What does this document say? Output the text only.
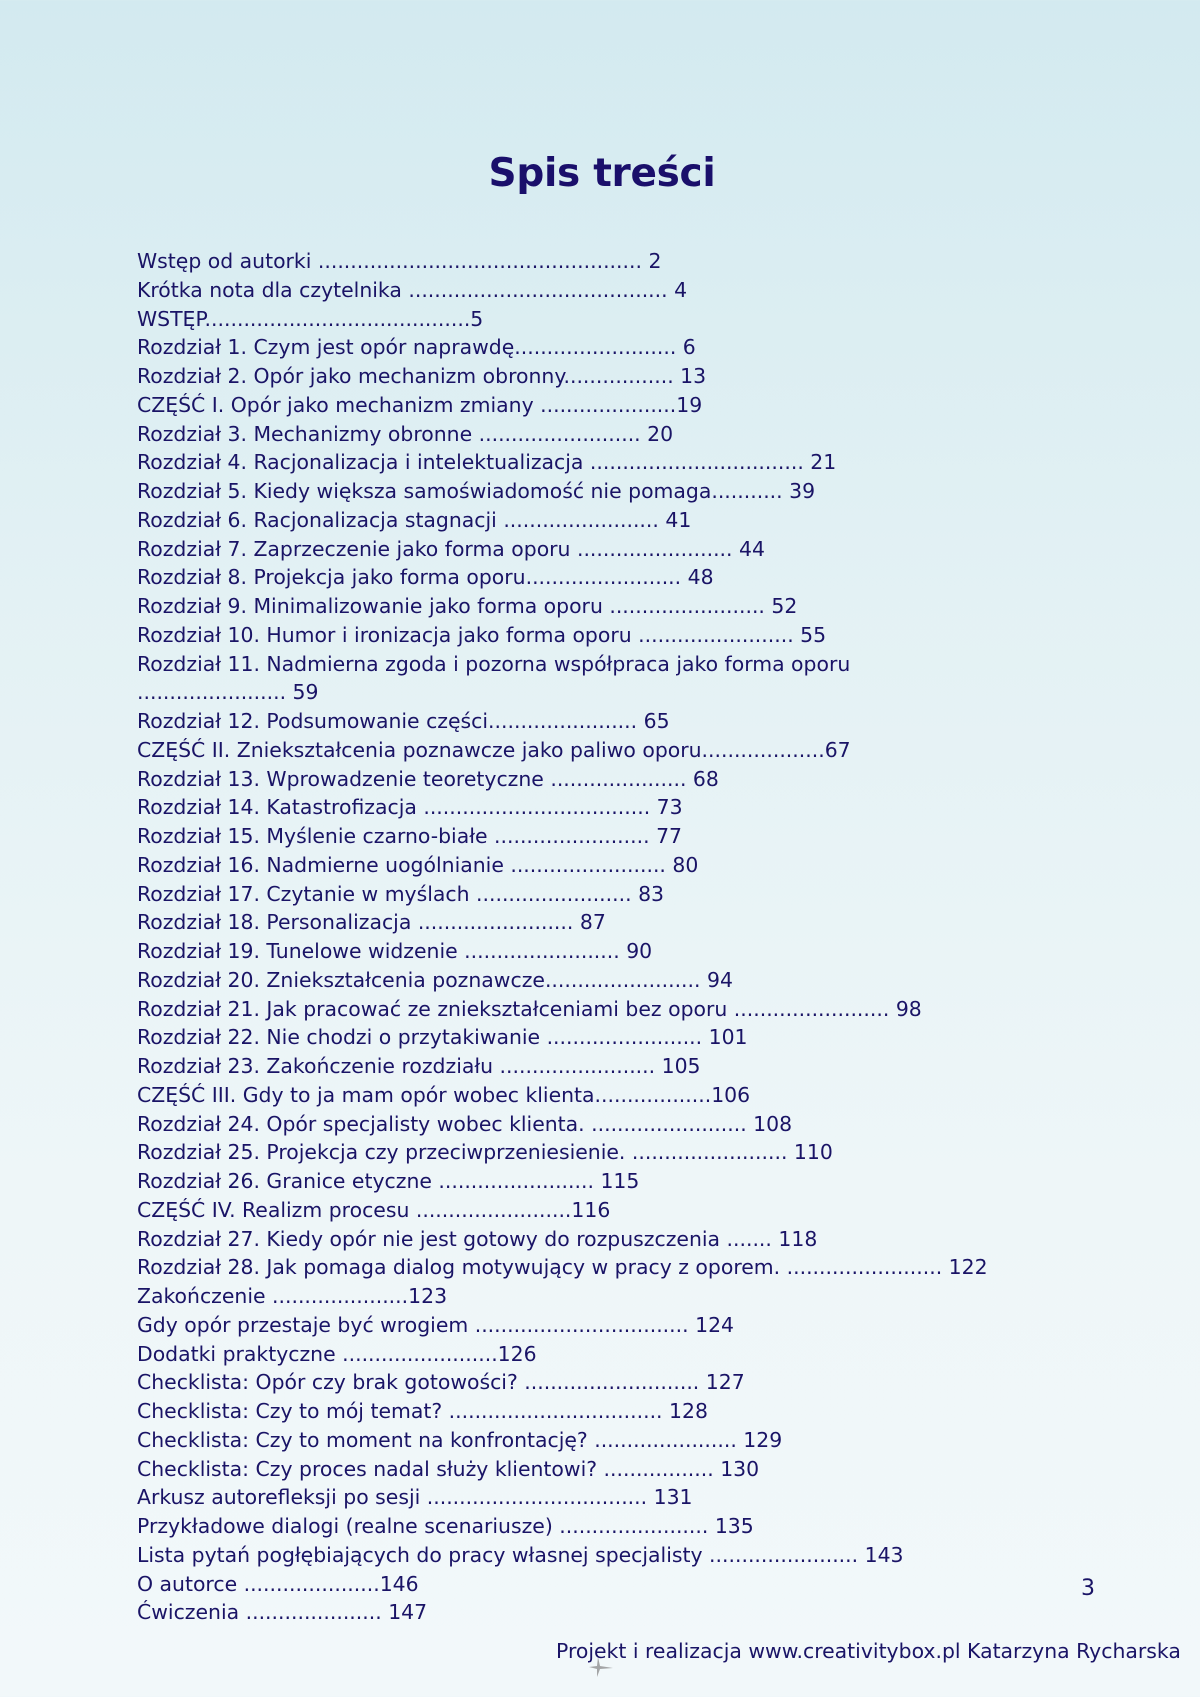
Spis treści
Wstęp od autorki .................................................. 2
Krótka nota dla czytelnika ........................................ 4
WSTĘP.........................................5
Rozdział 1. Czym jest opór naprawdę......................... 6
Rozdział 2. Opór jako mechanizm obronny................. 13
CZĘŚĆ I. Opór jako mechanizm zmiany .....................19
Rozdział 3. Mechanizmy obronne ......................... 20
Rozdział 4. Racjonalizacja i intelektualizacja ................................. 21
Rozdział 5. Kiedy większa samoświadomość nie pomaga........... 39
Rozdział 6. Racjonalizacja stagnacji ........................ 41
Rozdział 7. Zaprzeczenie jako forma oporu ........................ 44
Rozdział 8. Projekcja jako forma oporu........................ 48
Rozdział 9. Minimalizowanie jako forma oporu ........................ 52
Rozdział 10. Humor i ironizacja jako forma oporu ........................ 55
Rozdział 11. Nadmierna zgoda i pozorna współpraca jako forma oporu
....................... 59
Rozdział 12. Podsumowanie części....................... 65
CZĘŚĆ II. Zniekształcenia poznawcze jako paliwo oporu...................67
Rozdział 13. Wprowadzenie teoretyczne ..................... 68
Rozdział 14. Katastrofizacja ................................... 73
Rozdział 15. Myślenie czarno-białe ........................ 77
Rozdział 16. Nadmierne uogólnianie ........................ 80
Rozdział 17. Czytanie w myślach ........................ 83
Rozdział 18. Personalizacja ........................ 87
Rozdział 19. Tunelowe widzenie ........................ 90
Rozdział 20. Zniekształcenia poznawcze........................ 94
Rozdział 21. Jak pracować ze zniekształceniami bez oporu ........................ 98
Rozdział 22. Nie chodzi o przytakiwanie ........................ 101
Rozdział 23. Zakończenie rozdziału ........................ 105
CZĘŚĆ III. Gdy to ja mam opór wobec klienta..................106
Rozdział 24. Opór specjalisty wobec klienta. ........................ 108
Rozdział 25. Projekcja czy przeciwprzeniesienie. ........................ 110
Rozdział 26. Granice etyczne ........................ 115
CZĘŚĆ IV. Realizm procesu ........................116
Rozdział 27. Kiedy opór nie jest gotowy do rozpuszczenia ....... 118
Rozdział 28. Jak pomaga dialog motywujący w pracy z oporem. ........................ 122
Zakończenie .....................123
Gdy opór przestaje być wrogiem ................................. 124
Dodatki praktyczne ........................126
Checklista: Opór czy brak gotowości? ........................... 127
Checklista: Czy to mój temat? ................................. 128
Checklista: Czy to moment na konfrontację? ...................... 129
Checklista: Czy proces nadal służy klientowi? ................. 130
Arkusz autorefleksji po sesji .................................. 131
Przykładowe dialogi (realne scenariusze) ....................... 135
Lista pytań pogłębiających do pracy własnej specjalisty ....................... 143
O autorce .....................146
Ćwiczenia ..................... 147
3
Projekt i realizacja www.creativitybox.pl Katarzyna Rycharska
